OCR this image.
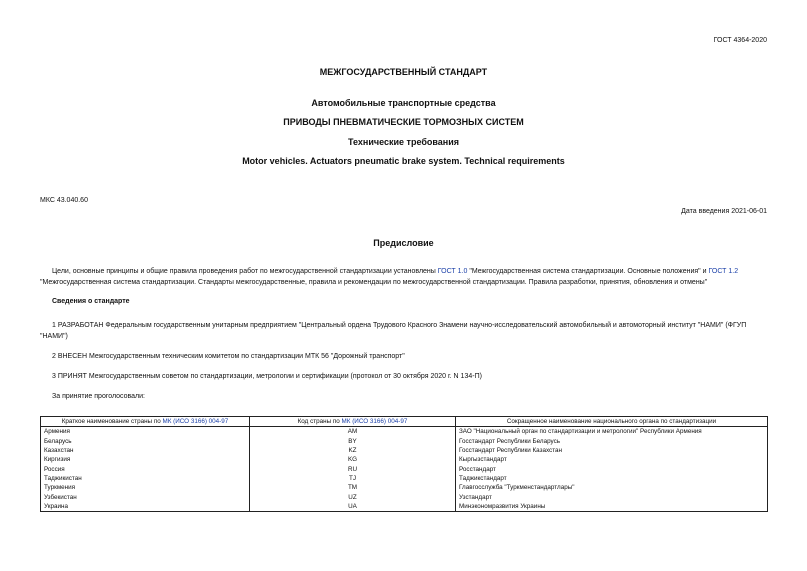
ГОСТ 4364-2020
МЕЖГОСУДАРСТВЕННЫЙ СТАНДАРТ
Автомобильные транспортные средства
ПРИВОДЫ ПНЕВМАТИЧЕСКИЕ ТОРМОЗНЫХ СИСТЕМ
Технические требования
Motor vehicles. Actuators pneumatic brake system. Technical requirements
МКС 43.040.60
Дата введения 2021-06-01
Предисловие
Цели, основные принципы и общие правила проведения работ по межгосударственной стандартизации установлены ГОСТ 1.0 "Межгосударственная система стандартизации. Основные положения" и ГОСТ 1.2 "Межгосударственная система стандартизации. Стандарты межгосударственные, правила и рекомендации по межгосударственной стандартизации. Правила разработки, принятия, обновления и отмены"
Сведения о стандарте
1 РАЗРАБОТАН Федеральным государственным унитарным предприятием "Центральный ордена Трудового Красного Знамени научно-исследовательский автомобильный и автомоторный институт "НАМИ" (ФГУП "НАМИ")
2 ВНЕСЕН Межгосударственным техническим комитетом по стандартизации МТК 56 "Дорожный транспорт"
3 ПРИНЯТ Межгосударственным советом по стандартизации, метрологии и сертификации (протокол от 30 октября 2020 г. N 134-П)
За принятие проголосовали:
Краткое наименование страны по МК (ИСО 3166) 004-97	Код страны по МК (ИСО 3166) 004-97	Сокращенное наименование национального органа по стандартизации
Армения	AM	ЗАО "Национальный орган по стандартизации и метрологии" Республики Армения
Беларусь	BY	Госстандарт Республики Беларусь
Казахстан	KZ	Госстандарт Республики Казахстан
Киргизия	KG	Кыргызстандарт
Россия	RU	Росстандарт
Таджикистан	TJ	Таджикстандарт
Туркмения	TM	Главгосслужба "Туркменстандартлары"
Узбекистан	UZ	Узстандарт
Украина	UA	Минэкономразвития Украины
